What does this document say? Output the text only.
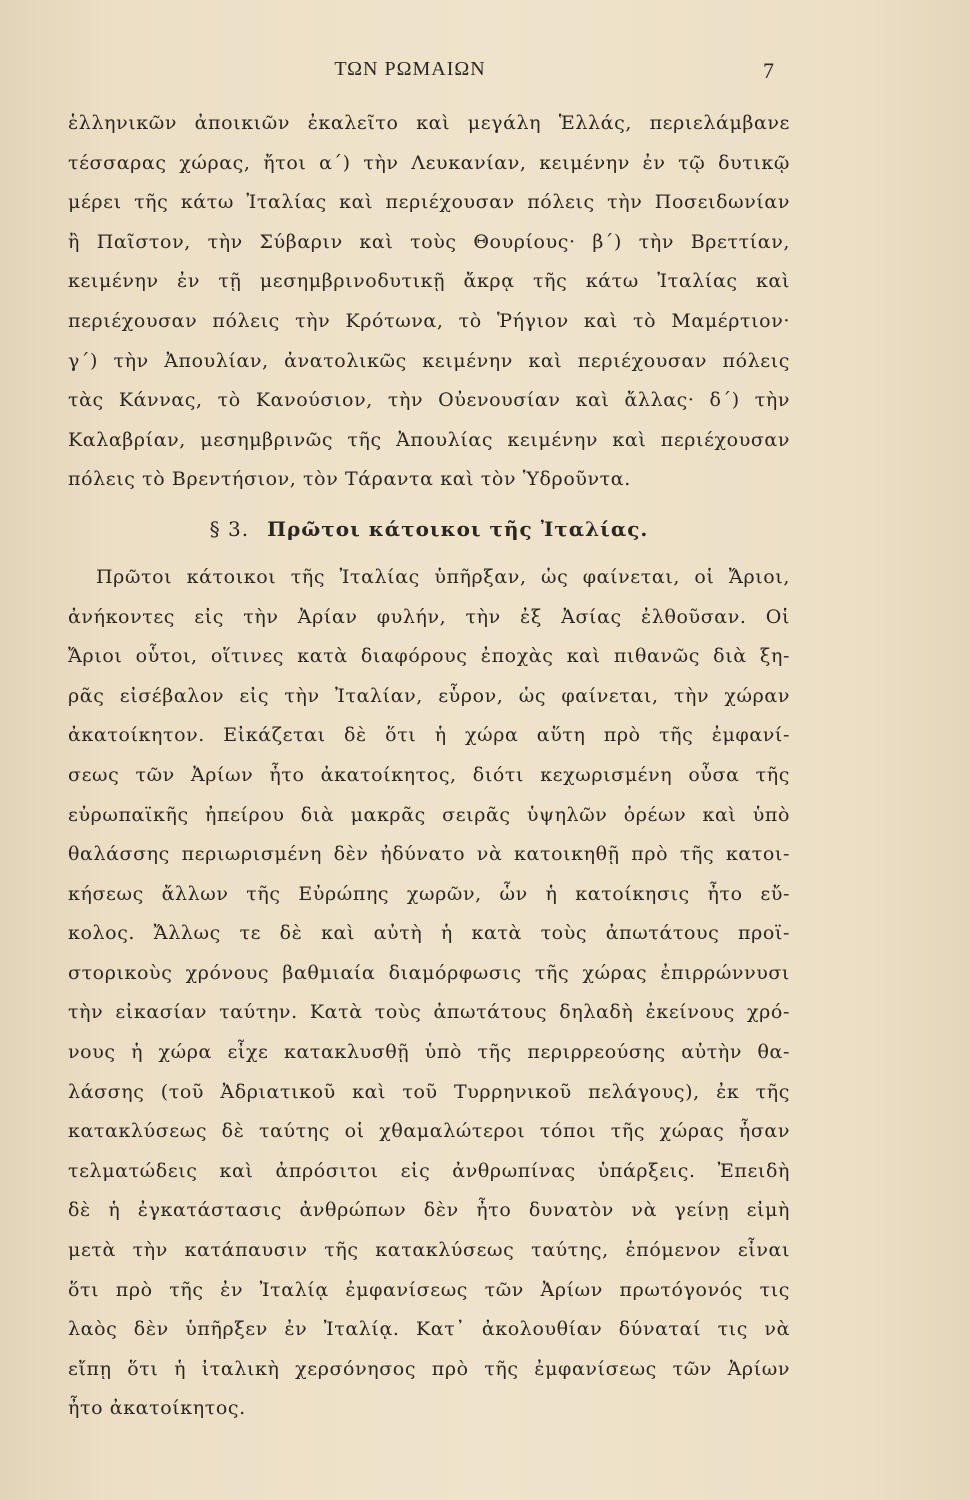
ΤΩΝ ΡΩΜΑΙΩΝ	7
ἑλληνικῶν ἀποικιῶν ἐκαλεῖτο καὶ μεγάλη Ἑλλάς, περιελάμβανε
τέσσαρας χώρας, ἤτοι α΄) τὴν Λευκανίαν, κειμένην ἐν τῷ δυτικῷ
μέρει τῆς κάτω Ἰταλίας καὶ περιέχουσαν πόλεις τὴν Ποσειδωνίαν
ἢ Παῖστον, τὴν Σύβαριν καὶ τοὺς Θουρίους· β΄) τὴν Βρεττίαν,
κειμένην ἐν τῇ μεσημβρινοδυτικῇ ἄκρᾳ τῆς κάτω Ἰταλίας καὶ
περιέχουσαν πόλεις τὴν Κρότωνα, τὸ Ῥήγιον καὶ τὸ Μαμέρτιον·
γ΄) τὴν Ἀπουλίαν, ἀνατολικῶς κειμένην καὶ περιέχουσαν πόλεις
τὰς Κάννας, τὸ Κανούσιον, τὴν Οὐενουσίαν καὶ ἄλλας· δ΄) τὴν
Καλαβρίαν, μεσημβρινῶς τῆς Ἀπουλίας κειμένην καὶ περιέχουσαν
πόλεις τὸ Βρεντήσιον, τὸν Τάραντα καὶ τὸν Ὑδροῦντα.
§ 3. Πρῶτοι κάτοικοι τῆς Ἰταλίας.
Πρῶτοι κάτοικοι τῆς Ἰταλίας ὑπῆρξαν, ὡς φαίνεται, οἱ Ἄριοι,
ἀνήκοντες εἰς τὴν Ἀρίαν φυλήν, τὴν ἐξ Ἀσίας ἐλθοῦσαν. Οἱ
Ἄριοι οὗτοι, οἵτινες κατὰ διαφόρους ἐποχὰς καὶ πιθανῶς διὰ ξη-
ρᾶς εἰσέβαλον εἰς τὴν Ἰταλίαν, εὗρον, ὡς φαίνεται, τὴν χώραν
ἀκατοίκητον. Εἰκάζεται δὲ ὅτι ἡ χώρα αὕτη πρὸ τῆς ἐμφανί-
σεως τῶν Ἀρίων ἦτο ἀκατοίκητος, διότι κεχωρισμένη οὖσα τῆς
εὐρωπαϊκῆς ἠπείρου διὰ μακρᾶς σειρᾶς ὑψηλῶν ὀρέων καὶ ὑπὸ
θαλάσσης περιωρισμένη δὲν ἠδύνατο νὰ κατοικηθῇ πρὸ τῆς κατοι-
κήσεως ἄλλων τῆς Εὐρώπης χωρῶν, ὧν ἡ κατοίκησις ἦτο εὔ-
κολος. Ἄλλως τε δὲ καὶ αὐτὴ ἡ κατὰ τοὺς ἀπωτάτους προϊ-
στορικοὺς χρόνους βαθμιαία διαμόρφωσις τῆς χώρας ἐπιρρώννυσι
τὴν εἰκασίαν ταύτην. Κατὰ τοὺς ἀπωτάτους δηλαδὴ ἐκείνους χρό-
νους ἡ χώρα εἶχε κατακλυσθῇ ὑπὸ τῆς περιρρεούσης αὐτὴν θα-
λάσσης (τοῦ Ἀδριατικοῦ καὶ τοῦ Τυρρηνικοῦ πελάγους), ἐκ τῆς
κατακλύσεως δὲ ταύτης οἱ χθαμαλώτεροι τόποι τῆς χώρας ἦσαν
τελματώδεις καὶ ἀπρόσιτοι εἰς ἀνθρωπίνας ὑπάρξεις. Ἐπειδὴ
δὲ ἡ ἐγκατάστασις ἀνθρώπων δὲν ἦτο δυνατὸν νὰ γείνῃ εἰμὴ
μετὰ τὴν κατάπαυσιν τῆς κατακλύσεως ταύτης, ἑπόμενον εἶναι
ὅτι πρὸ τῆς ἐν Ἰταλίᾳ ἐμφανίσεως τῶν Ἀρίων πρωτόγονός τις
λαὸς δὲν ὑπῆρξεν ἐν Ἰταλίᾳ. Κατ᾽ ἀκολουθίαν δύναταί τις νὰ
εἴπῃ ὅτι ἡ ἰταλικὴ χερσόνησος πρὸ τῆς ἐμφανίσεως τῶν Ἀρίων
ἦτο ἀκατοίκητος.
